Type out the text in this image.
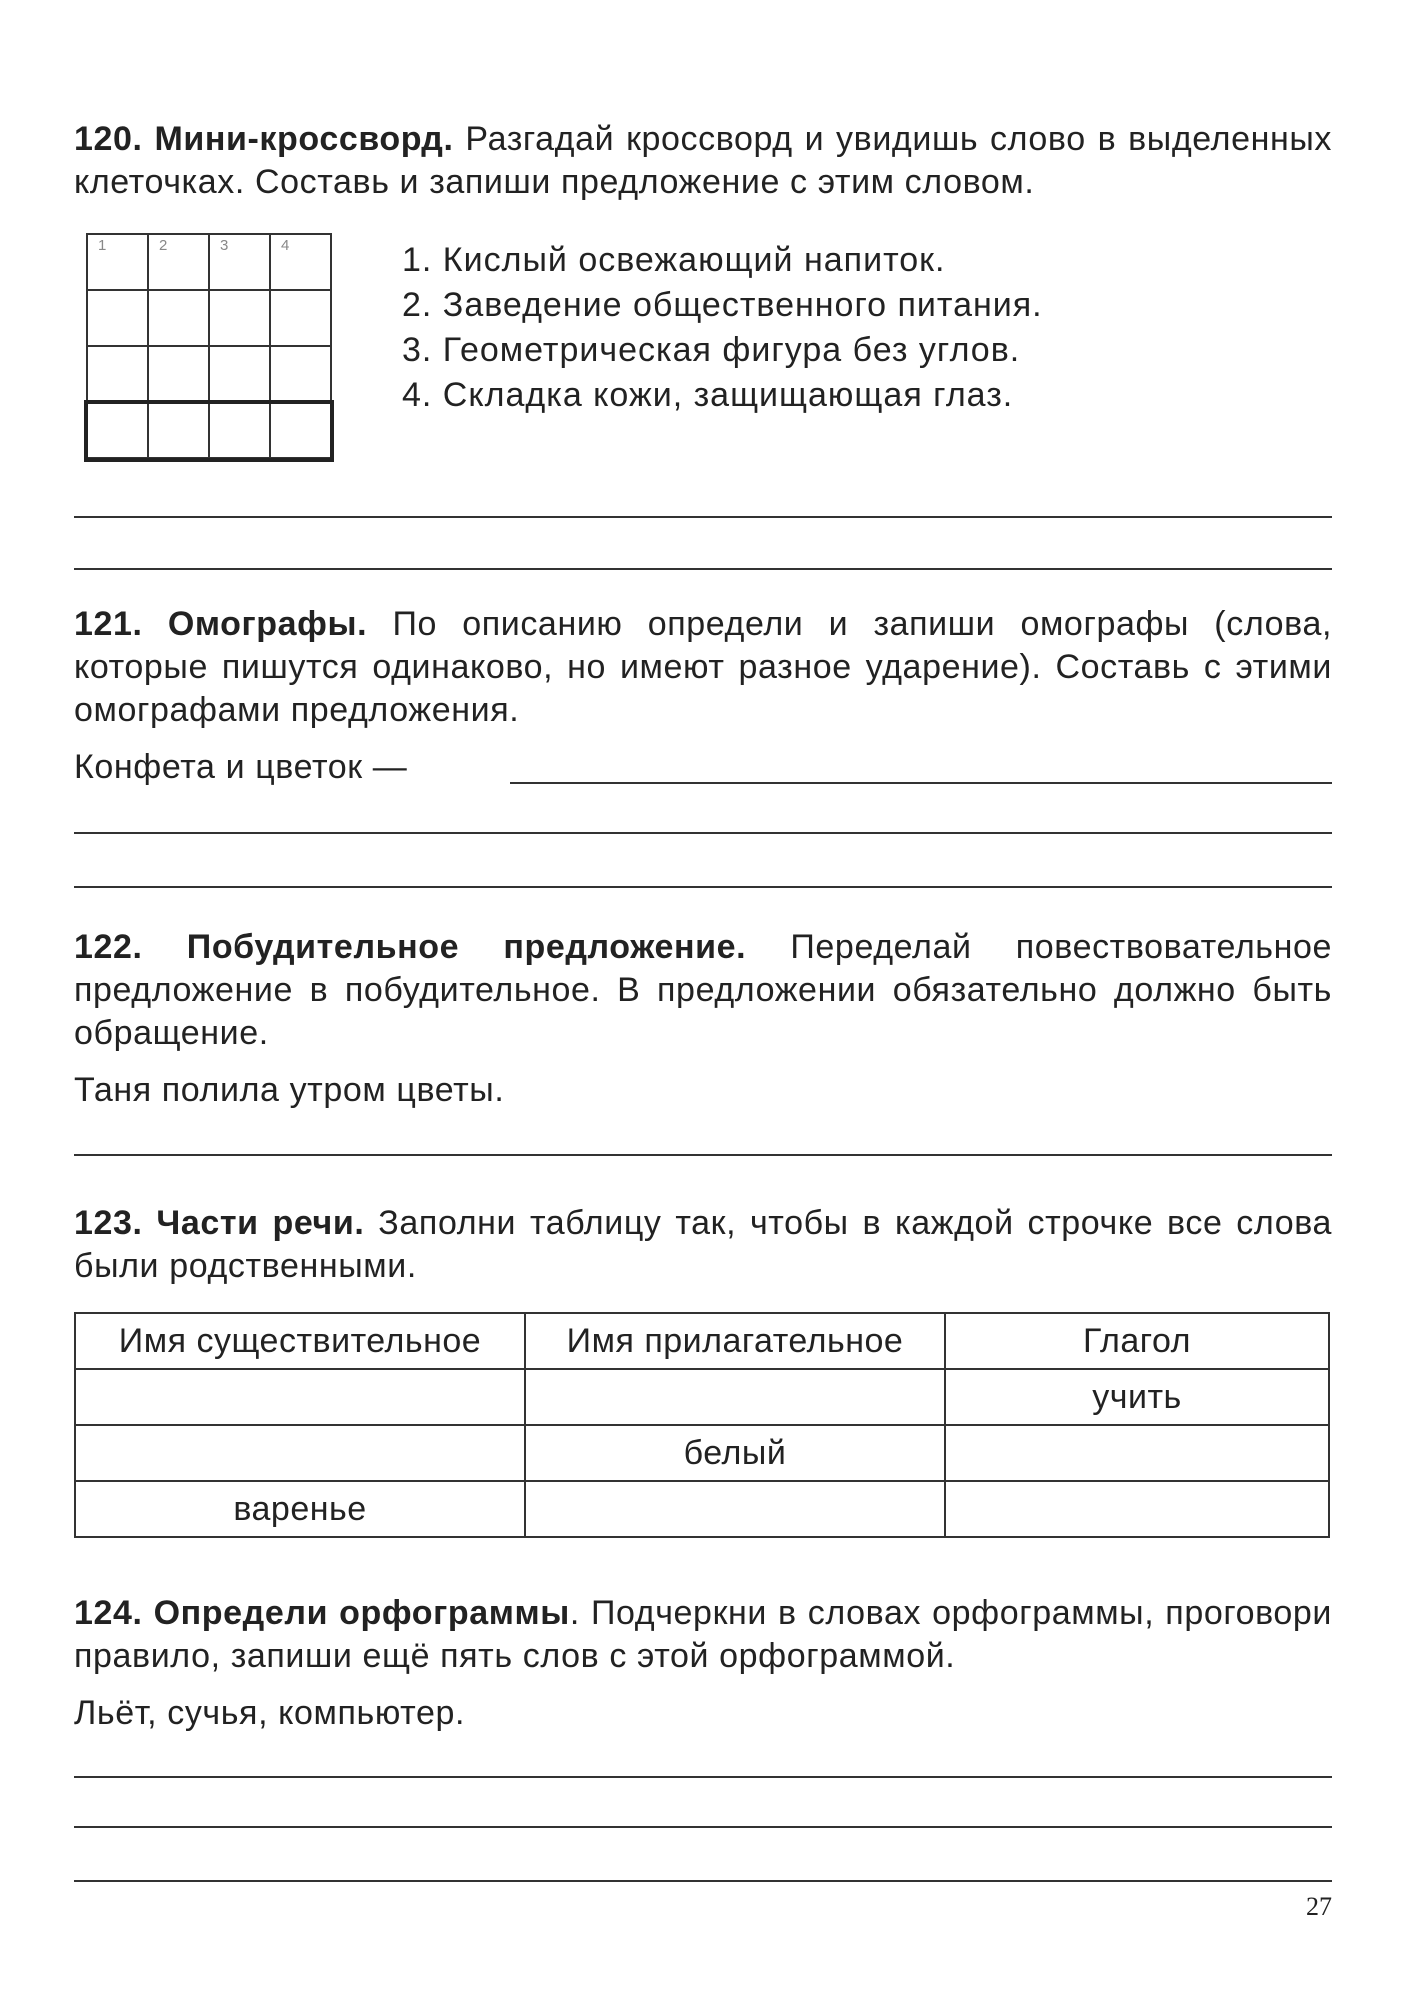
120. Мини-кроссворд. Разгадай кроссворд и увидишь слово в выделенных клеточках. Составь и запиши предложение с этим словом.
1	2	3	4	1. Кислый освежающий напиток.
2. Заведение общественного питания.
3. Геометрическая фигура без углов.
4. Складка кожи, защищающая глаз.
121. Омографы. По описанию определи и запиши омографы (слова, которые пишутся одинаково, но имеют разное ударение). Составь с этими омографами предложения.
Конфета и цветок —
122. Побудительное предложение. Переделай повествовательное предложение в побудительное. В предложении обязательно должно быть обращение.
Таня полила утром цветы.
123. Части речи. Заполни таблицу так, чтобы в каждой строчке все слова были родственными.
Имя существительное	Имя прилагательное	Глагол
		учить
	белый	
варенье		
124. Определи орфограммы. Подчеркни в словах орфограммы, проговори правило, запиши ещё пять слов с этой орфограммой.
Льёт, сучья, компьютер.
27
